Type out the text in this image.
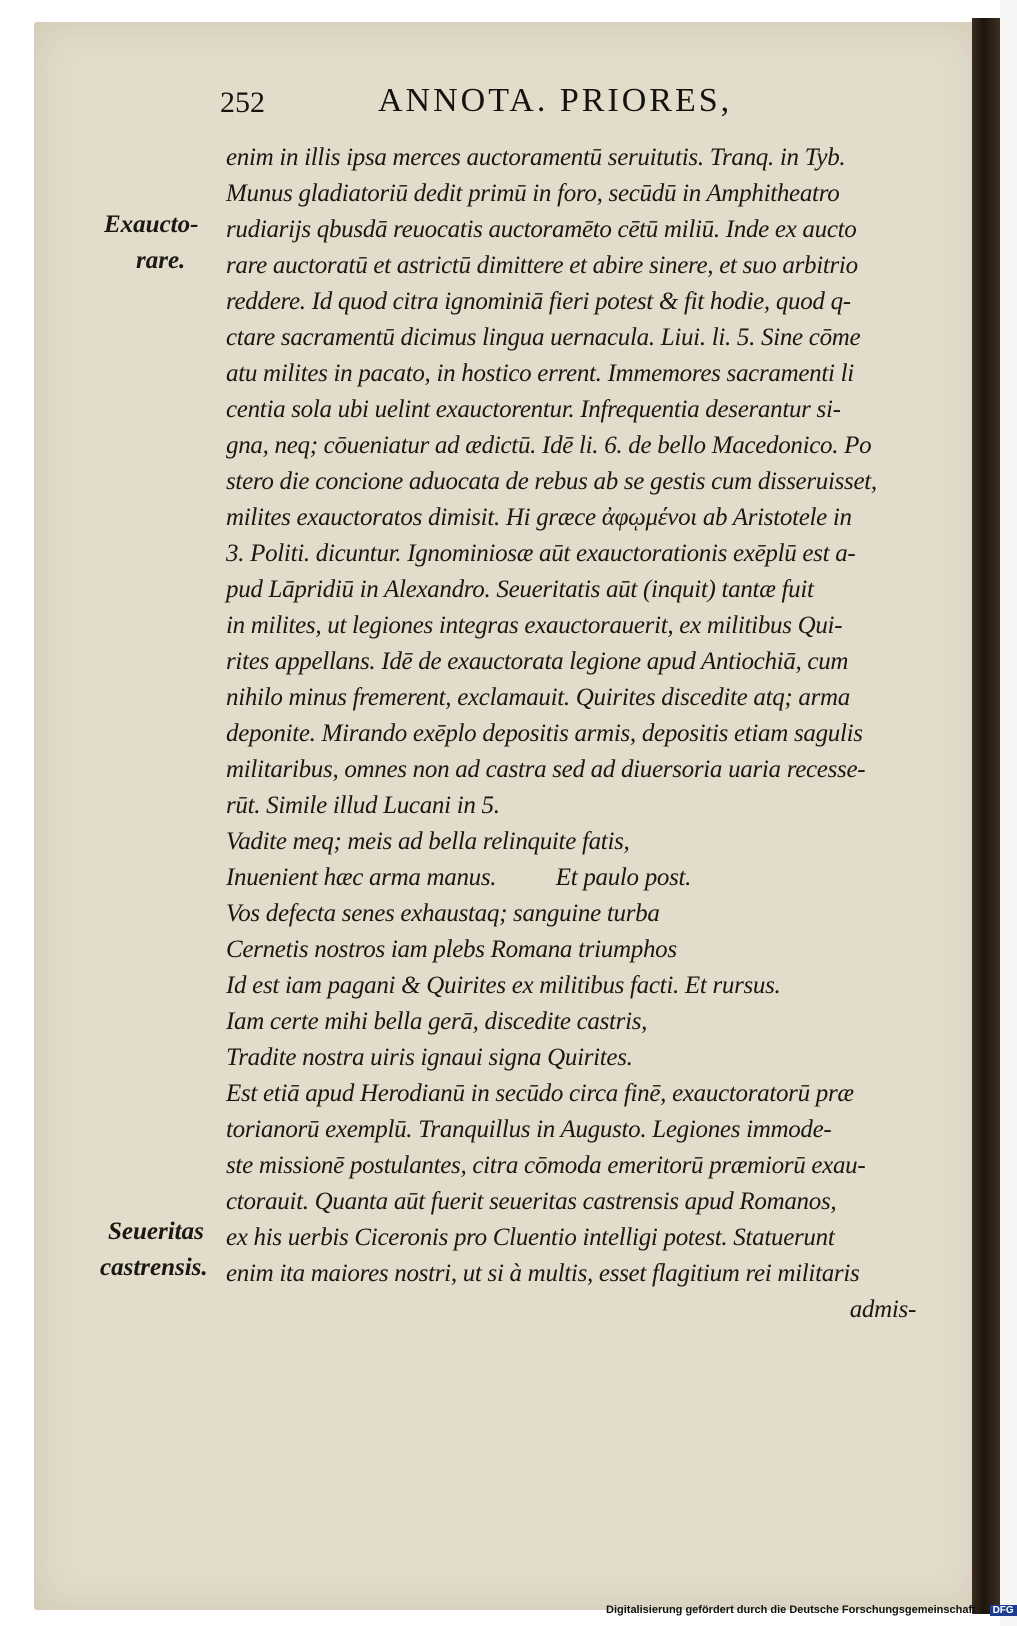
252	ANNOTA. PRIORES,
Exaucto-
rare.
Seueritas
castrensis.
enim in illis ipsa merces auctoramentū seruitutis. Tranq. in Tyb.
Munus gladiatoriū dedit primū in foro, secūdū in Amphitheatro
rudiarijs qbusdā reuocatis auctoramēto cētū miliū. Inde ex aucto
rare auctoratū et astrictū dimittere et abire sinere, et suo arbitrio
reddere. Id quod citra ignominiā fieri potest & fit hodie, quod q-
ctare sacramentū dicimus lingua uernacula. Liui. li. 5. Sine cōme
atu milites in pacato, in hostico errent. Immemores sacramenti li
centia sola ubi uelint exauctorentur. Infrequentia deserantur si-
gna, neq; cōueniatur ad ædictū. Idē li. 6. de bello Macedonico. Po
stero die concione aduocata de rebus ab se gestis cum disseruisset,
milites exauctoratos dimisit. Hi græce ἀφῳμένοι ab Aristotele in
3. Politi. dicuntur. Ignominiosæ aūt exauctorationis exēplū est a-
pud Lāpridiū in Alexandro. Seueritatis aūt (inquit) tantæ fuit
in milites, ut legiones integras exauctorauerit, ex militibus Qui-
rites appellans. Idē de exauctorata legione apud Antiochiā, cum
nihilo minus fremerent, exclamauit. Quirites discedite atq; arma
deponite. Mirando exēplo depositis armis, depositis etiam sagulis
militaribus, omnes non ad castra sed ad diuersoria uaria recesse-
rūt. Simile illud Lucani in 5.
Vadite meq; meis ad bella relinquite fatis,
Inuenient hæc arma manus.          Et paulo post.
Vos defecta senes exhaustaq; sanguine turba
Cernetis nostros iam plebs Romana triumphos
Id est iam pagani & Quirites ex militibus facti. Et rursus.
Iam certe mihi bella gerā, discedite castris,
Tradite nostra uiris ignaui signa Quirites.
Est etiā apud Herodianū in secūdo circa finē, exauctoratorū præ
torianorū exemplū. Tranquillus in Augusto. Legiones immode-
ste missionē postulantes, citra cōmoda emeritorū præmiorū exau-
ctorauit. Quanta aūt fuerit seueritas castrensis apud Romanos,
ex his uerbis Ciceronis pro Cluentio intelligi potest. Statuerunt
enim ita maiores nostri, ut si à multis, esset flagitium rei militaris
admis-
Digitalisierung gefördert durch die Deutsche Forschungsgemeinschaft · DFG
